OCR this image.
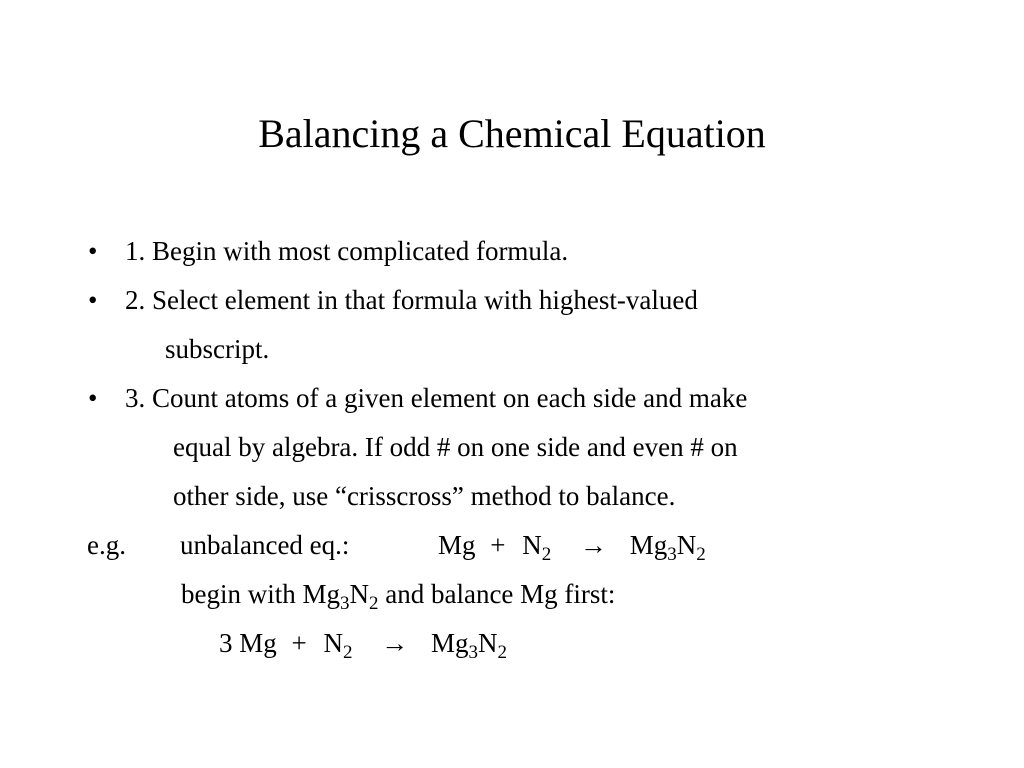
Balancing a Chemical Equation
• 1. Begin with most complicated formula.
• 2. Select element in that formula with highest-valued
subscript.
• 3. Count atoms of a given element on each side and make
equal by algebra. If odd # on one side and even # on
other side, use “crisscross” method to balance.
e.g. unbalanced eq.:	$Mg + N_2 \to Mg_3N_2$
begin with $Mg_3N_2$ and balance Mg first:
3 $Mg + N_2 \to Mg_3N_2$
